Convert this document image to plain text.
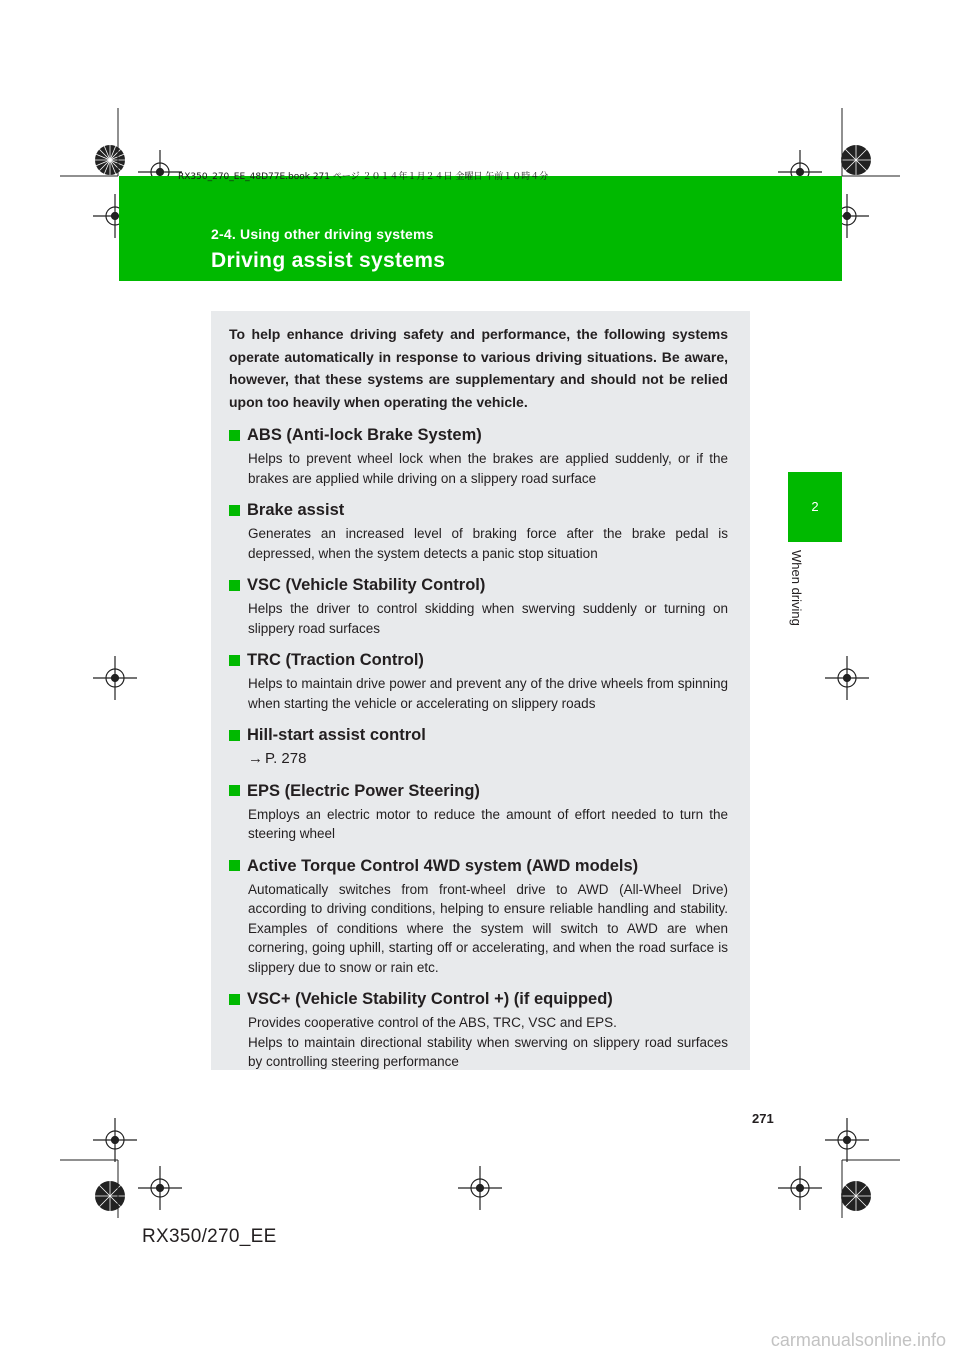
RX350_270_EE_48D77E.book 271 ページ ２０１４年１月２４日 金曜日 午前１０時４分
2-4. Using other driving systems
Driving assist systems
2
When driving

To help enhance driving safety and performance, the following systems operate automatically in response to various driving situations. Be aware, however, that these systems are supplementary and should not be relied upon too heavily when operating the vehicle.

ABS (Anti-lock Brake System)

Helps to prevent wheel lock when the brakes are applied suddenly, or if the brakes are applied while driving on a slippery road surface

Brake assist

Generates an increased level of braking force after the brake pedal is depressed, when the system detects a panic stop situation

VSC (Vehicle Stability Control)

Helps the driver to control skidding when swerving suddenly or turning on slippery road surfaces

TRC (Traction Control)

Helps to maintain drive power and prevent any of the drive wheels from spinning when starting the vehicle or accelerating on slippery roads

Hill-start assist control

→ P. 278

EPS (Electric Power Steering)

Employs an electric motor to reduce the amount of effort needed to turn the steering wheel

Active Torque Control 4WD system (AWD models)

Automatically switches from front-wheel drive to AWD (All-Wheel Drive) according to driving conditions, helping to ensure reliable handling and stability. Examples of conditions where the system will switch to AWD are when cornering, going uphill, starting off or accelerating, and when the road surface is slippery due to snow or rain etc.

VSC+ (Vehicle Stability Control +) (if equipped)

Provides cooperative control of the ABS, TRC, VSC and EPS.
Helps to maintain directional stability when swerving on slippery road surfaces by controlling steering performance

271
RX350/270_EE
carmanualsonline.info
